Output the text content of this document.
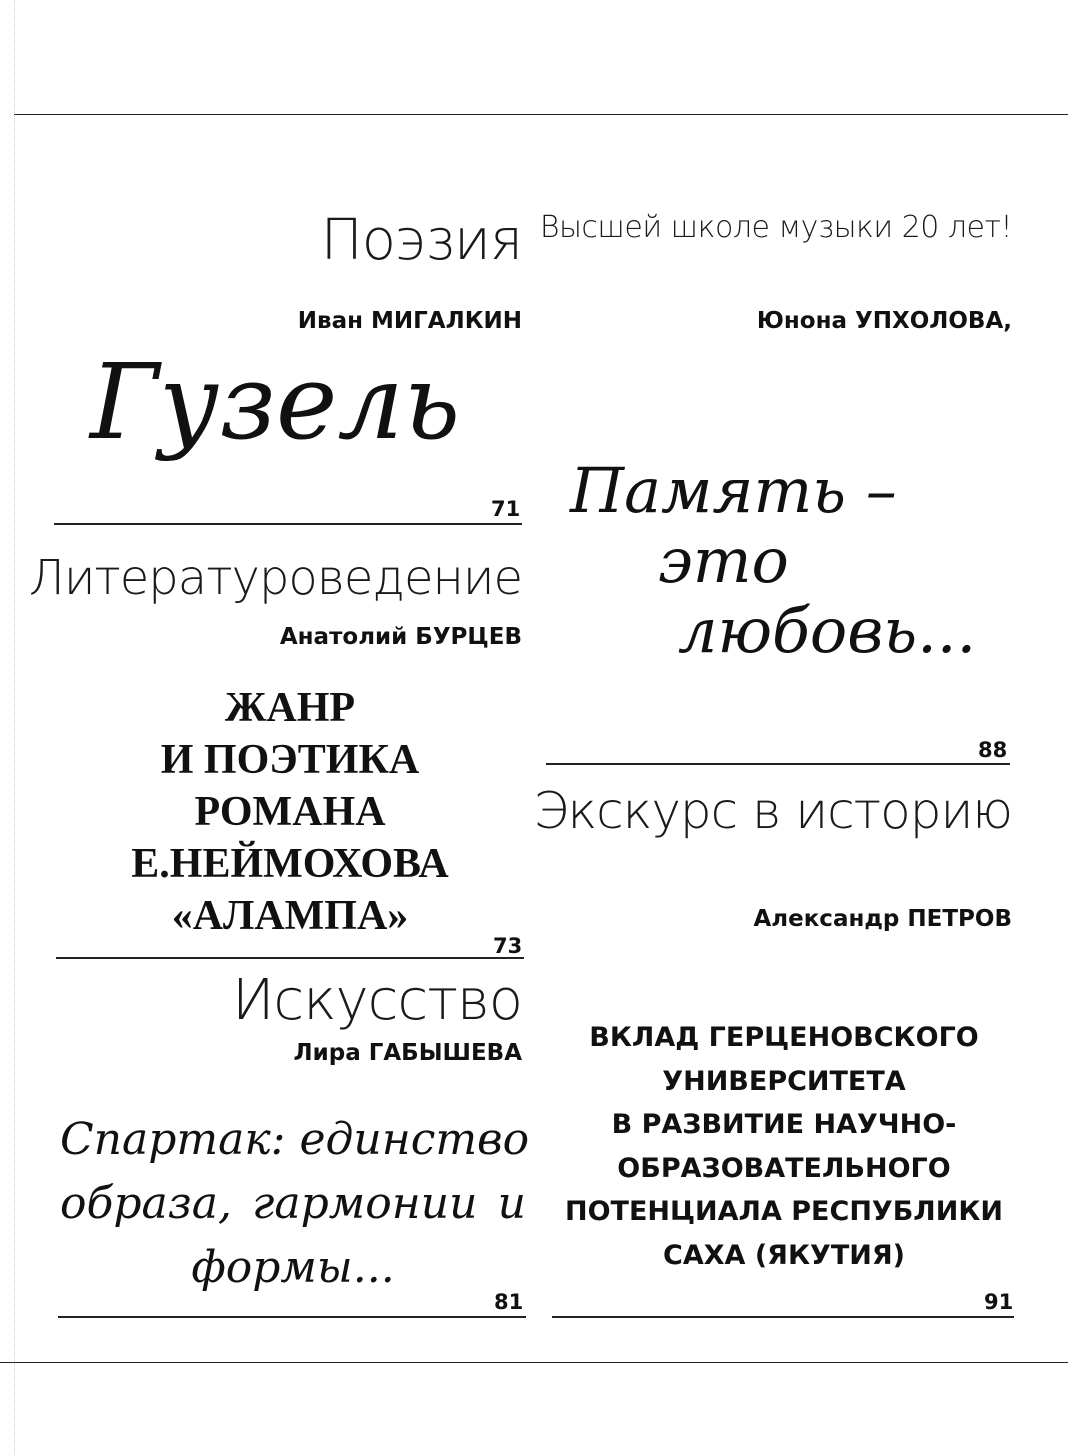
Поэзия
Иван МИГАЛКИН
Гузель
71
Литературоведение
Анатолий БУРЦЕВ
ЖАНР
И ПОЭТИКА
РОМАНА
Е.НЕЙМОХОВА
«АЛАМПА»
73
Искусство
Лира ГАБЫШЕВА
Спартак: единство
образа, гармонии и
формы...
81
Высшей школе музыки 20 лет!
Юнона УПХОЛОВА,
Память –
это
любовь...
88
Экскурс в историю
Александр ПЕТРОВ
ВКЛАД ГЕРЦЕНОВСКОГО
УНИВЕРСИТЕТА
В РАЗВИТИЕ НАУЧНО-
ОБРАЗОВАТЕЛЬНОГО
ПОТЕНЦИАЛА РЕСПУБЛИКИ
САХА (ЯКУТИЯ)
91
